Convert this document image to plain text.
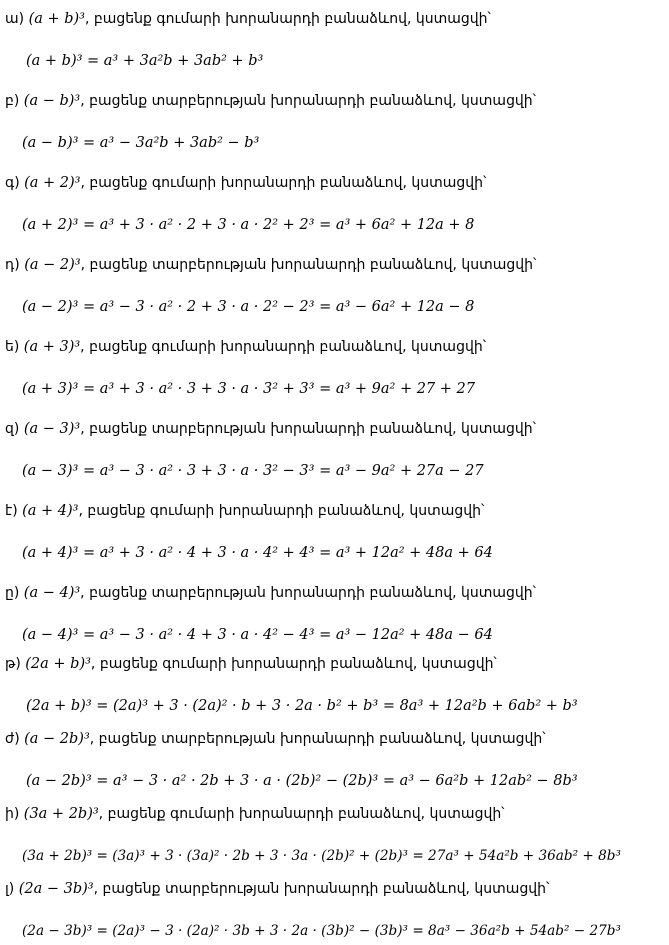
ա) (a + b)³, բացենք գումարի խորանարդի բանաձևով, կստացվի՝
(a + b)³ = a³ + 3a²b + 3ab² + b³
բ) (a − b)³, բացենք տարբերության խորանարդի բանաձևով, կստացվի՝
(a − b)³ = a³ − 3a²b + 3ab² − b³
գ) (a + 2)³, բացենք գումարի խորանարդի բանաձևով, կստացվի՝
(a + 2)³ = a³ + 3 · a² · 2 + 3 · a · 2² + 2³ = a³ + 6a² + 12a + 8
դ) (a − 2)³, բացենք տարբերության խորանարդի բանաձևով, կստացվի՝
(a − 2)³ = a³ − 3 · a² · 2 + 3 · a · 2² − 2³ = a³ − 6a² + 12a − 8
ե) (a + 3)³, բացենք գումարի խորանարդի բանաձևով, կստացվի՝
(a + 3)³ = a³ + 3 · a² · 3 + 3 · a · 3² + 3³ = a³ + 9a² + 27 + 27
զ) (a − 3)³, բացենք տարբերության խորանարդի բանաձևով, կստացվի՝
(a − 3)³ = a³ − 3 · a² · 3 + 3 · a · 3² − 3³ = a³ − 9a² + 27a − 27
է) (a + 4)³, բացենք գումարի խորանարդի բանաձևով, կստացվի՝
(a + 4)³ = a³ + 3 · a² · 4 + 3 · a · 4² + 4³ = a³ + 12a² + 48a + 64
ը) (a − 4)³, բացենք տարբերության խորանարդի բանաձևով, կստացվի՝
(a − 4)³ = a³ − 3 · a² · 4 + 3 · a · 4² − 4³ = a³ − 12a² + 48a − 64
թ) (2a + b)³, բացենք գումարի խորանարդի բանաձևով, կստացվի՝
(2a + b)³ = (2a)³ + 3 · (2a)² · b + 3 · 2a · b² + b³ = 8a³ + 12a²b + 6ab² + b³
ժ) (a − 2b)³, բացենք տարբերության խորանարդի բանաձևով, կստացվի՝
(a − 2b)³ = a³ − 3 · a² · 2b + 3 · a · (2b)² − (2b)³ = a³ − 6a²b + 12ab² − 8b³
ի) (3a + 2b)³, բացենք գումարի խորանարդի բանաձևով, կստացվի՝
(3a + 2b)³ = (3a)³ + 3 · (3a)² · 2b + 3 · 3a · (2b)² + (2b)³ = 27a³ + 54a²b + 36ab² + 8b³
լ) (2a − 3b)³, բացենք տարբերության խորանարդի բանաձևով, կստացվի՝
(2a − 3b)³ = (2a)³ − 3 · (2a)² · 3b + 3 · 2a · (3b)² − (3b)³ = 8a³ − 36a²b + 54ab² − 27b³
